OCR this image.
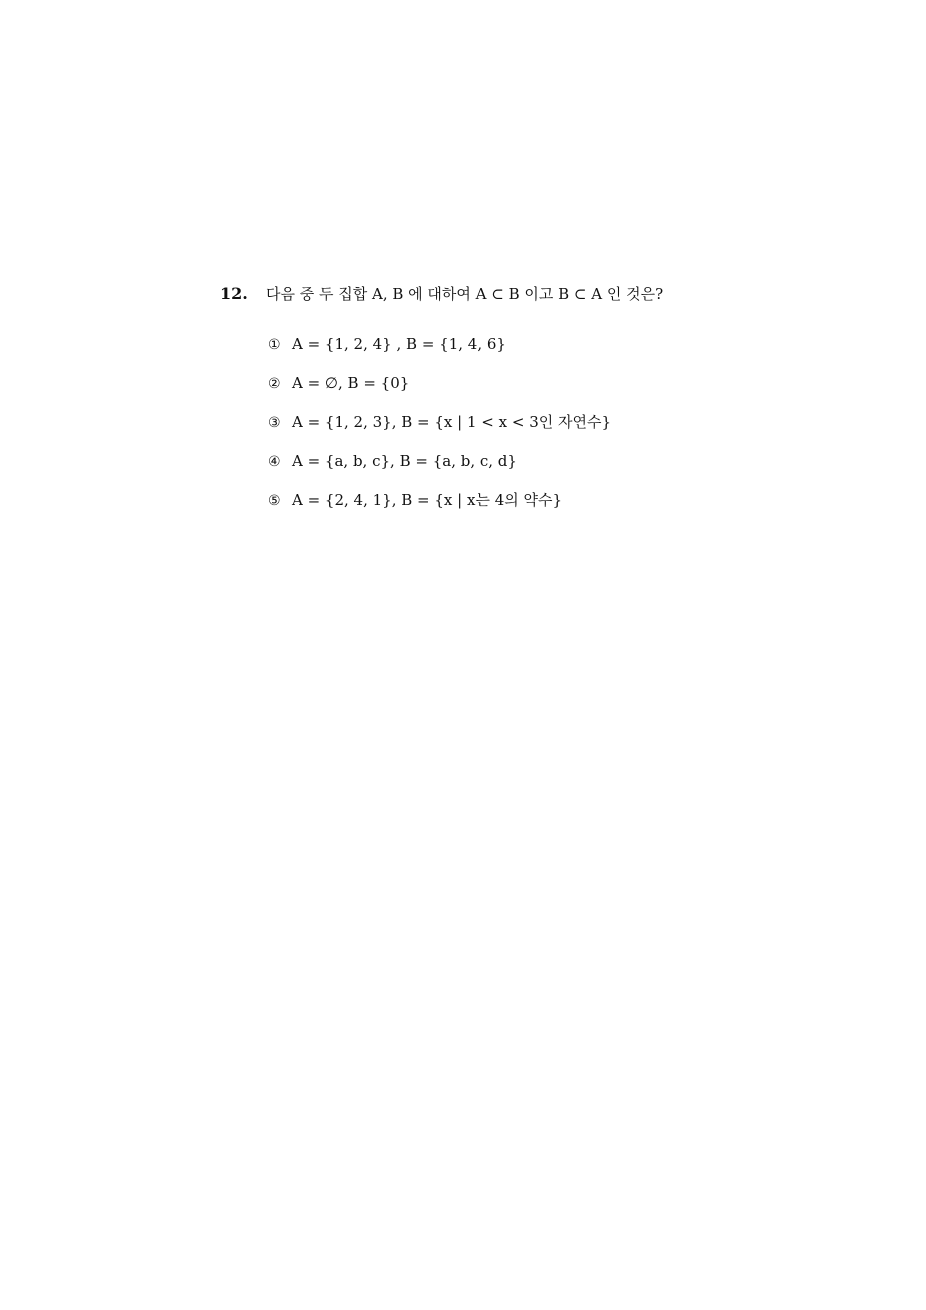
12.	다음 중 두 집합 A, B 에 대하여 A ⊂ B 이고 B ⊂ A 인 것은?
① A = {1, 2, 4} , B = {1, 4, 6}
② A = ∅, B = {0}
③ A = {1, 2, 3}, B = {x | 1 < x < 3인 자연수}
④ A = {a, b, c}, B = {a, b, c, d}
⑤ A = {2, 4, 1}, B = {x | x는 4의 약수}
